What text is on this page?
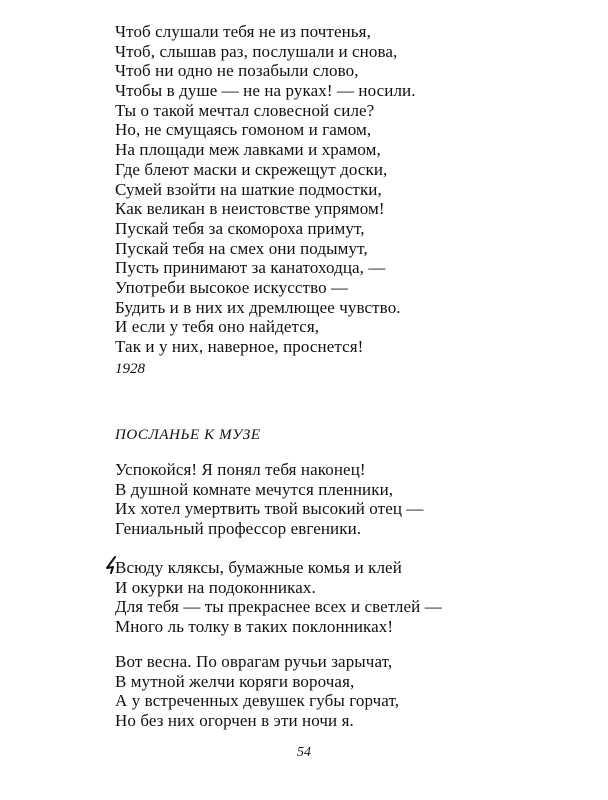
Чтоб слушали тебя не из почтенья,
Чтоб, слышав раз, послушали и снова,
Чтоб ни одно не позабыли слово,
Чтобы в душе — не на руках! — носили.
Ты о такой мечтал словесной силе?
Но, не смущаясь гомоном и гамом,
На площади меж лавками и храмом,
Где блеют маски и скрежещут доски,
Сумей взойти на шаткие подмостки,
Как великан в неистовстве упрямом!
Пускай тебя за скомороха примут,
Пускай тебя на смех они подымут,
Пусть принимают за канатоходца, —
Употреби высокое искусство —
Будить и в них их дремлющее чувство.
И если у тебя оно найдется,
Так и у них, наверное, проснется!
1928
ПОСЛАНЬЕ К МУЗЕ
Успокойся! Я понял тебя наконец!
В душной комнате мечутся пленники,
Их хотел умертвить твой высокий отец —
Гениальный профессор евгеники.
Всюду кляксы, бумажные комья и клей
И окурки на подоконниках.
Для тебя — ты прекраснее всех и светлей —
Много ль толку в таких поклонниках!
Вот весна. По оврагам ручьи зарычат,
В мутной желчи коряги ворочая,
А у встреченных девушек губы горчат,
Но без них огорчен в эти ночи я.
54
